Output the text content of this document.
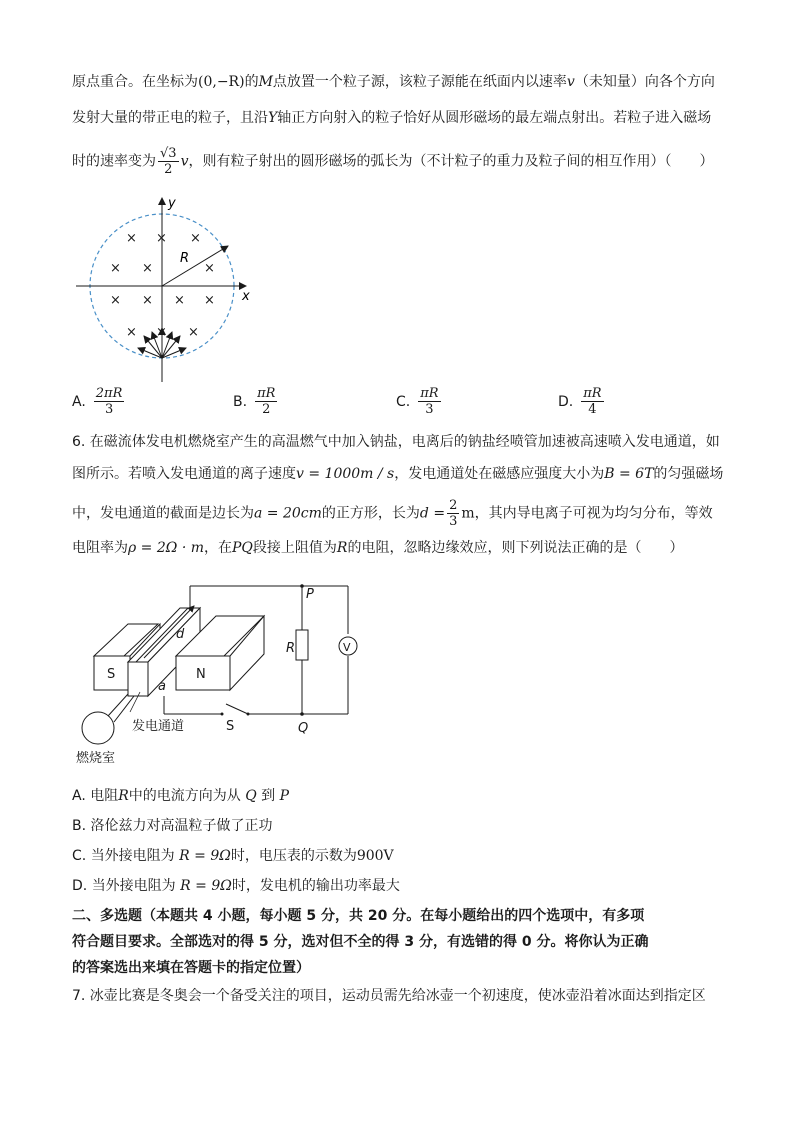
原点重合。在坐标为(0,−R)的M点放置一个粒子源，该粒子源能在纸面内以速率v（未知量）向各个方向
发射大量的带正电的粒子，且沿Y轴正方向射入的粒子恰好从圆形磁场的最左端点射出。若粒子进入磁场
时的速率变为 $\frac{√3}{2}$ v，则有粒子射出的圆形磁场的弧长为（不计粒子的重力及粒子间的相互作用）（　　）
y
x
R
× × ×
× ×	×
× × × ×
× × ×
A. $\frac{2\pi R}{3}$	B. $\frac{\pi R}{2}$	C. $\frac{\pi R}{3}$	D. $\frac{\pi R}{4}$
6. 在磁流体发电机燃烧室产生的高温燃气中加入钠盐，电离后的钠盐经喷管加速被高速喷入发电通道，如
图所示。若喷入发电通道的离子速度v = 1000m / s，发电通道处在磁感应强度大小为B = 6T的匀强磁场
中，发电通道的截面是边长为a = 20cm的正方形，长为$d = \frac{2}{3}$ m，其内导电离子可视为均匀分布，等效
电阻率为ρ = 2Ω · m，在PQ段接上阻值为R的电阻，忽略边缘效应，则下列说法正确的是（　　）
S	N
d
a
R	V
P
Q
S
发电通道
燃烧室
A. 电阻R中的电流方向为从 Q 到 P
B. 洛伦兹力对高温粒子做了正功
C. 当外接电阻为 R = 9Ω时，电压表的示数为900V
D. 当外接电阻为 R = 9Ω时，发电机的输出功率最大
二、多选题（本题共 4 小题，每小题 5 分，共 20 分。在每小题给出的四个选项中，有多项
符合题目要求。全部选对的得 5 分，选对但不全的得 3 分，有选错的得 0 分。将你认为正确
的答案选出来填在答题卡的指定位置）
7. 冰壶比赛是冬奥会一个备受关注的项目，运动员需先给冰壶一个初速度，使冰壶沿着冰面达到指定区
